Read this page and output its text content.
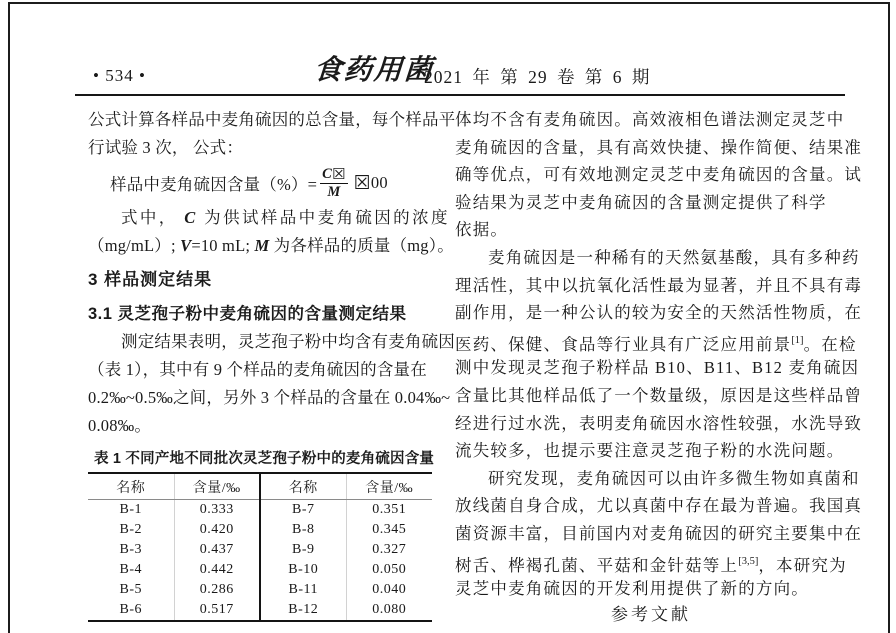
• 534 •	食药用菌
2021 年 第 29 卷 第 6 期
公式计算各样品中麦角硫因的总含量，每个样品平
行试验 3 次， 公式：
样品中麦角硫因含量（%）= $\frac{C ☒}{M}$ ☒ 00
式中， C 为供试样品中麦角硫因的浓度
（mg/mL）; V=10 mL; M 为各样品的质量（mg）。
3 样品测定结果
3.1 灵芝孢子粉中麦角硫因的含量测定结果
测定结果表明，灵芝孢子粉中均含有麦角硫因
（表 1），其中有 9 个样品的麦角硫因的含量在
0.2‰~0.5‰之间，另外 3 个样品的含量在 0.04‰~
0.08‰。
表 1 不同产地不同批次灵芝孢子粉中的麦角硫因含量
名称	含量/‰	名称	含量/‰
B-1	0.333	B-7	0.351
B-2	0.420	B-8	0.345
B-3	0.437	B-9	0.327
B-4	0.442	B-10	0.050
B-5	0.286	B-11	0.040
B-6	0.517	B-12	0.080
体均不含有麦角硫因。高效液相色谱法测定灵芝中
麦角硫因的含量，具有高效快捷、操作简便、结果准
确等优点，可有效地测定灵芝中麦角硫因的含量。试
验结果为灵芝中麦角硫因的含量测定提供了科学
依据。
麦角硫因是一种稀有的天然氨基酸，具有多种药
理活性，其中以抗氧化活性最为显著，并且不具有毒
副作用，是一种公认的较为安全的天然活性物质，在
医药、保健、食品等行业具有广泛应用前景[1]。在检
测中发现灵芝孢子粉样品 B10、B11、B12 麦角硫因
含量比其他样品低了一个数量级，原因是这些样品曾
经进行过水洗，表明麦角硫因水溶性较强，水洗导致
流失较多，也提示要注意灵芝孢子粉的水洗问题。
研究发现，麦角硫因可以由许多微生物如真菌和
放线菌自身合成，尤以真菌中存在最为普遍。我国真
菌资源丰富，目前国内对麦角硫因的研究主要集中在
树舌、桦褐孔菌、平菇和金针菇等上[3,5]，本研究为
灵芝中麦角硫因的开发利用提供了新的方向。
参考文献
